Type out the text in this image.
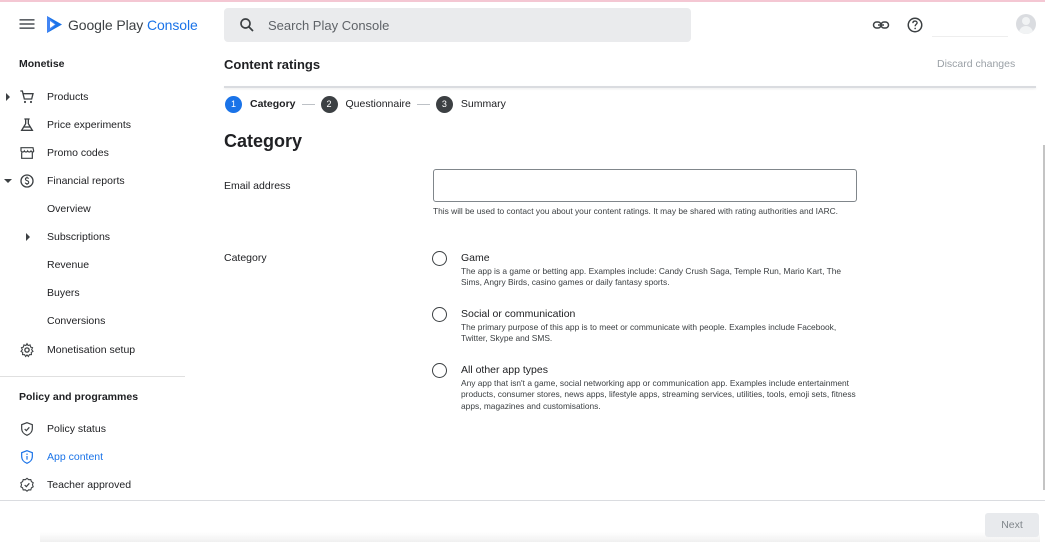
Google Play Console	Search Play Console
Monetise
Products
Price experiments
Promo codes
Financial reports
Overview
Subscriptions
Revenue
Buyers
Conversions
Monetisation setup
Policy and programmes
Policy status
App content
Teacher approved
Content ratings	Discard changes
1	Category	2	Questionnaire	3	Summary
Category
Email address
This will be used to contact you about your content ratings. It may be shared with rating authorities and IARC.
Category	Game
The app is a game or betting app. Examples include: Candy Crush Saga, Temple Run, Mario Kart, The Sims, Angry Birds, casino games or daily fantasy sports.
Social or communication
The primary purpose of this app is to meet or communicate with people. Examples include Facebook, Twitter, Skype and SMS.
All other app types
Any app that isn't a game, social networking app or communication app. Examples include entertainment products, consumer stores, news apps, lifestyle apps, streaming services, utilities, tools, emoji sets, fitness apps, magazines and customisations.
Next
